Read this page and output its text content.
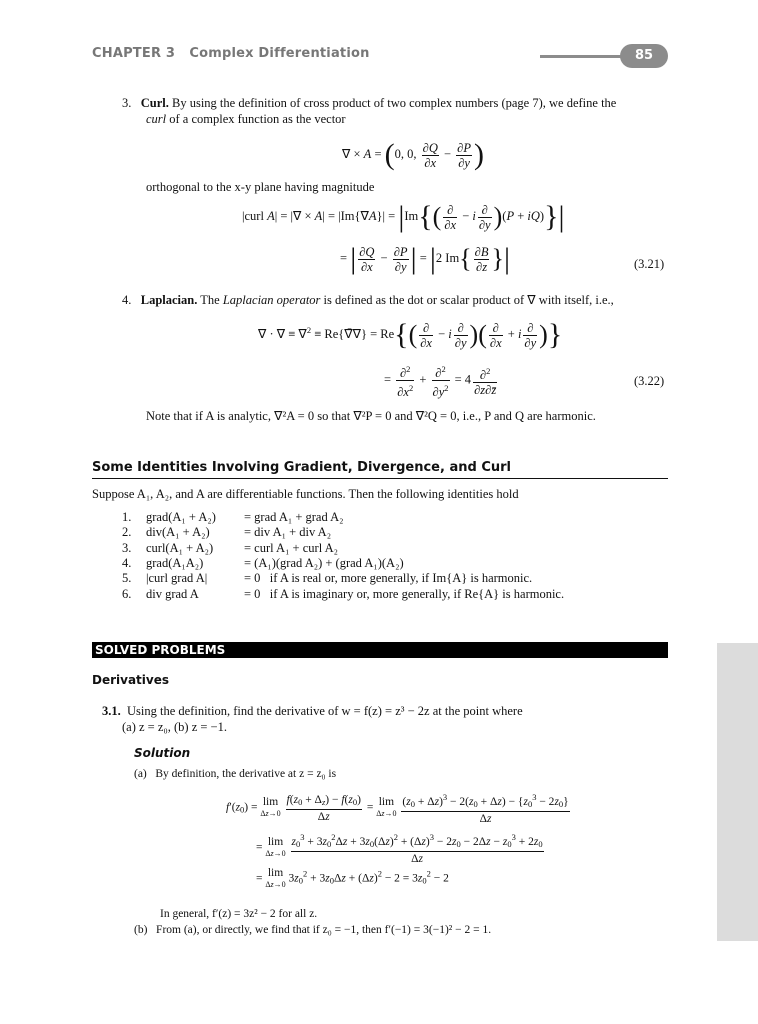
CHAPTER 3 Complex Differentiation	85
3. Curl. By using the definition of cross product of two complex numbers (page 7), we define the
curl of a complex function as the vector
∇ × A = (0, 0, $\frac{\partial Q}{\partial x} - \frac{\partial P}{\partial y}$ )
orthogonal to the x-y plane having magnitude
|curl A| = |∇ × $A| = |Im\{\nabla A\}| = |Im\{( \frac{\partial}{\partial x} - i \frac{\partial}{\partial y} )(P + iQ)\}|$
= | $\frac{\partial Q}{\partial x} - \frac{\partial P}{\partial y}$ | = |2 $Im\{ \frac{\partial B}{\partial z}$ }|	(3.21)
4. Laplacian. The Laplacian operator is defined as the dot or scalar product of ∇ with itself, i.e.,
∇ · ∇ ≡ ∇$^2$ ≡ Re{∇̄∇} = $Re\{( \frac{\partial}{\partial x} - i \frac{\partial}{\partial y}$ )( $\frac{\partial}{\partial x} + i \frac{\partial}{\partial y}$ )}
= $\frac{\partial^2}{\partial x^2} + \frac{\partial^2}{\partial y^2} = 4 \frac{\partial^2}{\partial z\partial z̄}$	(3.22)
Note that if A is analytic, ∇²A = 0 so that ∇²P = 0 and ∇²Q = 0, i.e., P and Q are harmonic.
Some Identities Involving Gradient, Divergence, and Curl
Suppose A₁, A₂, and A are differentiable functions. Then the following identities hold
1. grad(A₁ + A₂) = grad A₁ + grad A₂
2. div(A₁ + A₂)	= div A₁ + div A₂
3. curl(A₁ + A₂) = curl A₁ + curl A₂
4. grad(A₁A₂)	= (A₁)(grad A₂) + (grad A₁)(A₂)
5. |curl grad A|	= 0   if A is real or, more generally, if Im{A} is harmonic.
6. div grad A	= 0   if A is imaginary or, more generally, if Re{A} is harmonic.
SOLVED PROBLEMS
Derivatives
3.1. Using the definition, find the derivative of w = f(z) = z³ − 2z at the point where
(a) z = z₀, (b) z = −1.
Solution
(a) By definition, the derivative at z = z₀ is
$f'(z_0) = \lim$
Δz→0
$\frac{f(z_0 + \Delta_z) - f(z_0)}{\Delta z} = \lim$
Δz→0
$\frac{(z_0 + \Delta z)^3 - 2(z_0 + \Delta z) - \{z_0^3 - 2z_0\}}{\Delta z}$
= lim
Δz→0
$\frac{z_0^3 + 3z_0^2\Delta z + 3z_0(\Delta z)^2 + (\Delta z)^3 - 2z_0 - 2\Delta z - z_0^3 + 2z_0}{\Delta z}$
= lim
Δz→0 $3z_0^2 + 3z_0\Delta z + (\Delta z)^2 - 2 = 3z_0^2 - 2$
In general, f′(z) = 3z² − 2 for all z.
(b) From (a), or directly, we find that if z₀ = −1, then f′(−1) = 3(−1)² − 2 = 1.
